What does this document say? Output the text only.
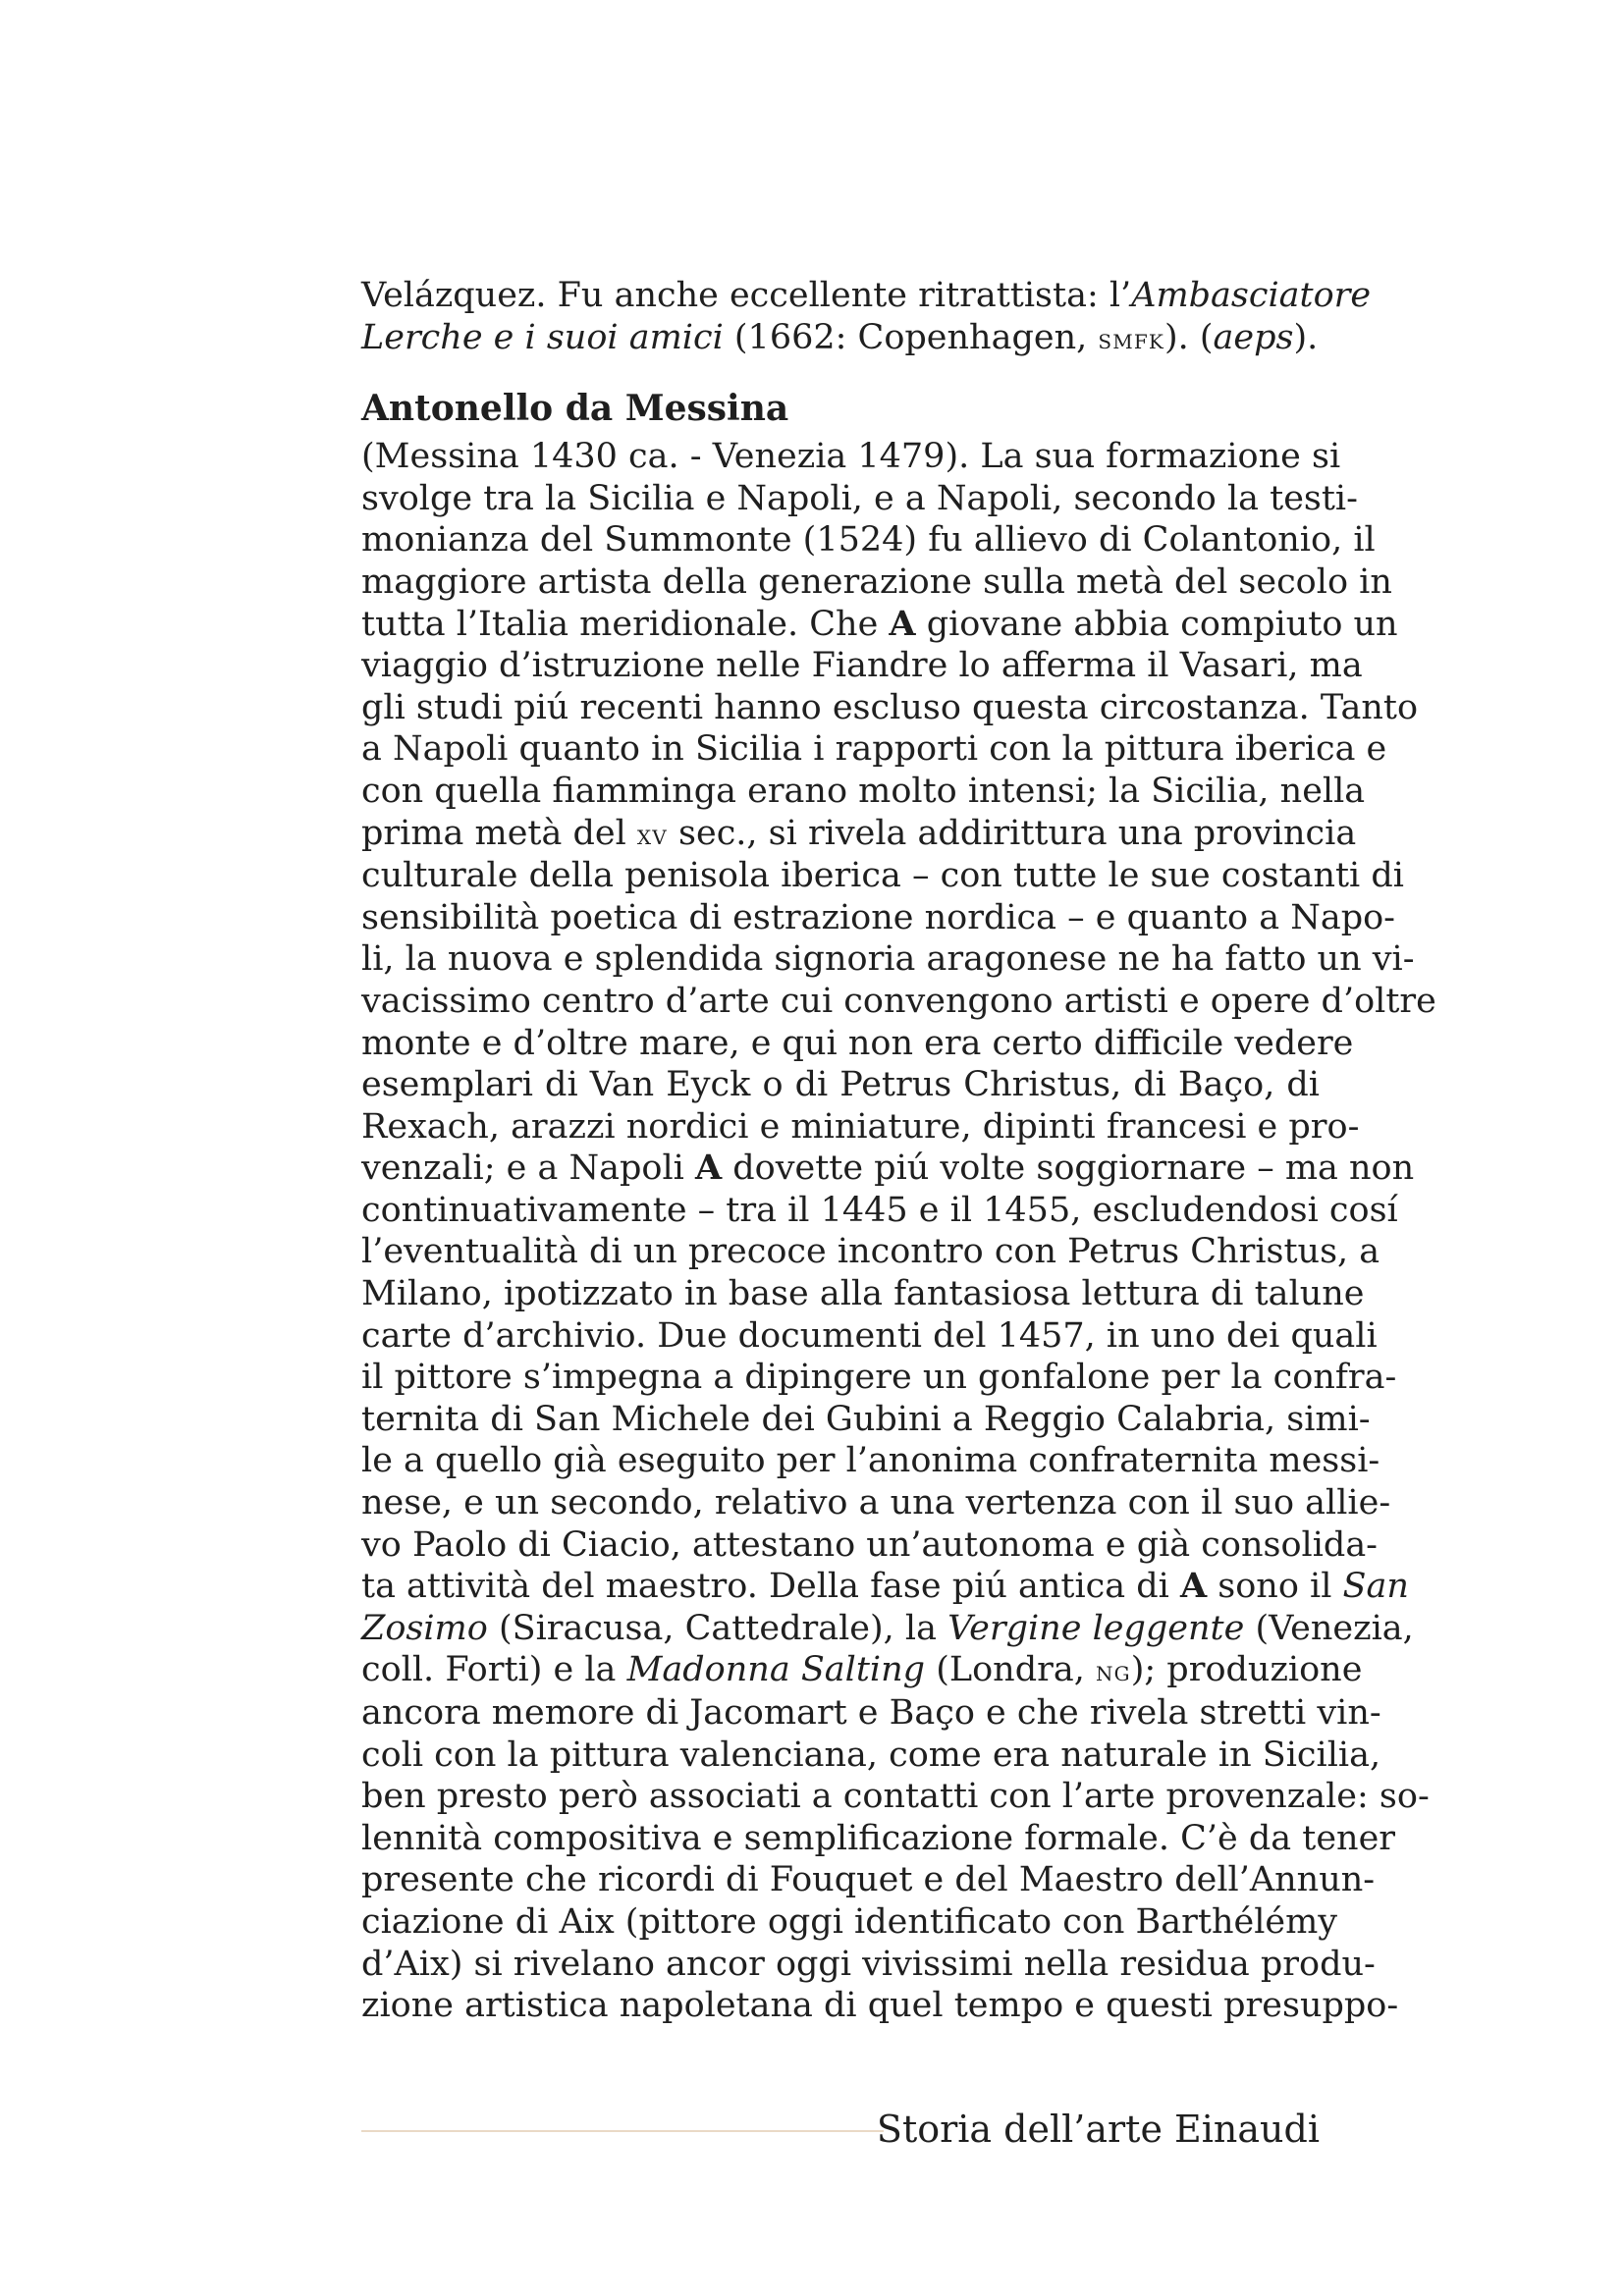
Velázquez. Fu anche eccellente ritrattista: l’Ambasciatore
Lerche e i suoi amici (1662: Copenhagen, smfk). (aeps).

Antonello da Messina

(Messina 1430 ca. - Venezia 1479). La sua formazione si
svolge tra la Sicilia e Napoli, e a Napoli, secondo la testi-
monianza del Summonte (1524) fu allievo di Colantonio, il
maggiore artista della generazione sulla metà del secolo in
tutta l’Italia meridionale. Che A giovane abbia compiuto un
viaggio d’istruzione nelle Fiandre lo afferma il Vasari, ma
gli studi piú recenti hanno escluso questa circostanza. Tanto
a Napoli quanto in Sicilia i rapporti con la pittura iberica e
con quella fiamminga erano molto intensi; la Sicilia, nella
prima metà del xv sec., si rivela addirittura una provincia
culturale della penisola iberica – con tutte le sue costanti di
sensibilità poetica di estrazione nordica – e quanto a Napo-
li, la nuova e splendida signoria aragonese ne ha fatto un vi-
vacissimo centro d’arte cui convengono artisti e opere d’oltre
monte e d’oltre mare, e qui non era certo difficile vedere
esemplari di Van Eyck o di Petrus Christus, di Baço, di
Rexach, arazzi nordici e miniature, dipinti francesi e pro-
venzali; e a Napoli A dovette piú volte soggiornare – ma non
continuativamente – tra il 1445 e il 1455, escludendosi cosí
l’eventualità di un precoce incontro con Petrus Christus, a
Milano, ipotizzato in base alla fantasiosa lettura di talune
carte d’archivio. Due documenti del 1457, in uno dei quali
il pittore s’impegna a dipingere un gonfalone per la confra-
ternita di San Michele dei Gubini a Reggio Calabria, simi-
le a quello già eseguito per l’anonima confraternita messi-
nese, e un secondo, relativo a una vertenza con il suo allie-
vo Paolo di Ciacio, attestano un’autonoma e già consolida-
ta attività del maestro. Della fase piú antica di A sono il San
Zosimo (Siracusa, Cattedrale), la Vergine leggente (Venezia,
coll. Forti) e la Madonna Salting (Londra, ng); produzione
ancora memore di Jacomart e Baço e che rivela stretti vin-
coli con la pittura valenciana, come era naturale in Sicilia,
ben presto però associati a contatti con l’arte provenzale: so-
lennità compositiva e semplificazione formale. C’è da tener
presente che ricordi di Fouquet e del Maestro dell’Annun-
ciazione di Aix (pittore oggi identificato con Barthélémy
d’Aix) si rivelano ancor oggi vivissimi nella residua produ-
zione artistica napoletana di quel tempo e questi presuppo-

Storia dell’arte Einaudi
